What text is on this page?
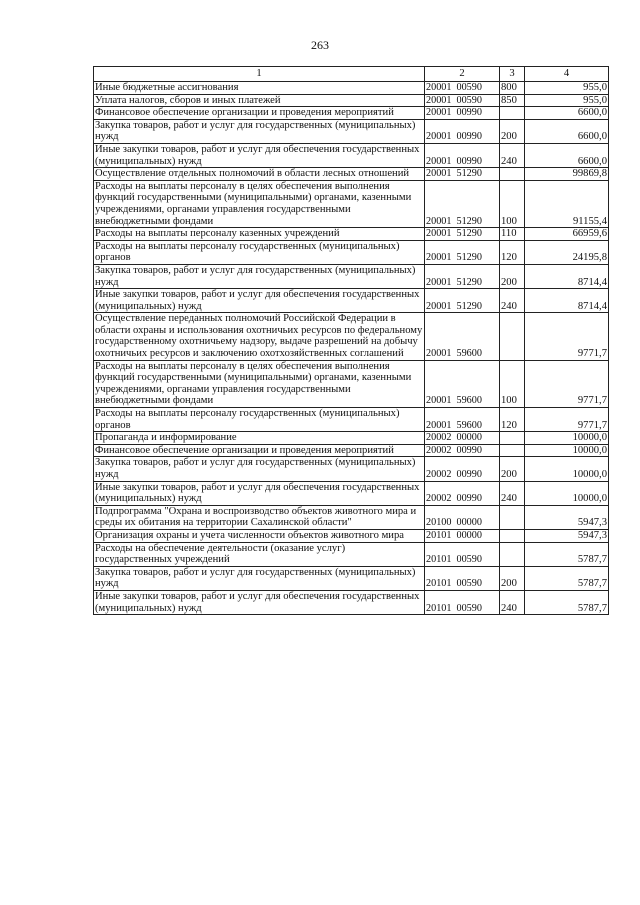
263
1	2	3	4
Иные бюджетные ассигнования	20001 00590	800	955,0
Уплата налогов, сборов и иных платежей	20001 00590	850	955,0
Финансовое обеспечение организации и проведения мероприятий	20001 00990		6600,0
Закупка товаров, работ и услуг для государственных (муниципальных) нужд	20001 00990	200	6600,0
Иные закупки товаров, работ и услуг для обеспечения государственных (муниципальных) нужд	20001 00990	240	6600,0
Осуществление отдельных полномочий в области лесных отношений	20001 51290		99869,8
Расходы на выплаты персоналу в целях обеспечения выполнения функций государственными (муниципальными) органами, казенными учреждениями, органами управления государственными внебюджетными фондами	20001 51290	100	91155,4
Расходы на выплаты персоналу казенных учреждений	20001 51290	110	66959,6
Расходы на выплаты персоналу государственных (муниципальных) органов	20001 51290	120	24195,8
Закупка товаров, работ и услуг для государственных (муниципальных) нужд	20001 51290	200	8714,4
Иные закупки товаров, работ и услуг для обеспечения государственных (муниципальных) нужд	20001 51290	240	8714,4
Осуществление переданных полномочий Российской Федерации в области охраны и использования охотничьих ресурсов по федеральному государственному охотничьему надзору, выдаче разрешений на добычу охотничьих ресурсов и заключению охотхозяйственных соглашений	20001 59600		9771,7
Расходы на выплаты персоналу в целях обеспечения выполнения функций государственными (муниципальными) органами, казенными учреждениями, органами управления государственными внебюджетными фондами	20001 59600	100	9771,7
Расходы на выплаты персоналу государственных (муниципальных) органов	20001 59600	120	9771,7
Пропаганда и информирование	20002 00000		10000,0
Финансовое обеспечение организации и проведения мероприятий	20002 00990		10000,0
Закупка товаров, работ и услуг для государственных (муниципальных) нужд	20002 00990	200	10000,0
Иные закупки товаров, работ и услуг для обеспечения государственных (муниципальных) нужд	20002 00990	240	10000,0
Подпрограмма "Охрана и воспроизводство объектов животного мира и среды их обитания на территории Сахалинской области"	20100 00000		5947,3
Организация охраны и учета численности объектов животного мира	20101 00000		5947,3
Расходы на обеспечение деятельности (оказание услуг) государственных учреждений	20101 00590		5787,7
Закупка товаров, работ и услуг для государственных (муниципальных) нужд	20101 00590	200	5787,7
Иные закупки товаров, работ и услуг для обеспечения государственных (муниципальных) нужд	20101 00590	240	5787,7
